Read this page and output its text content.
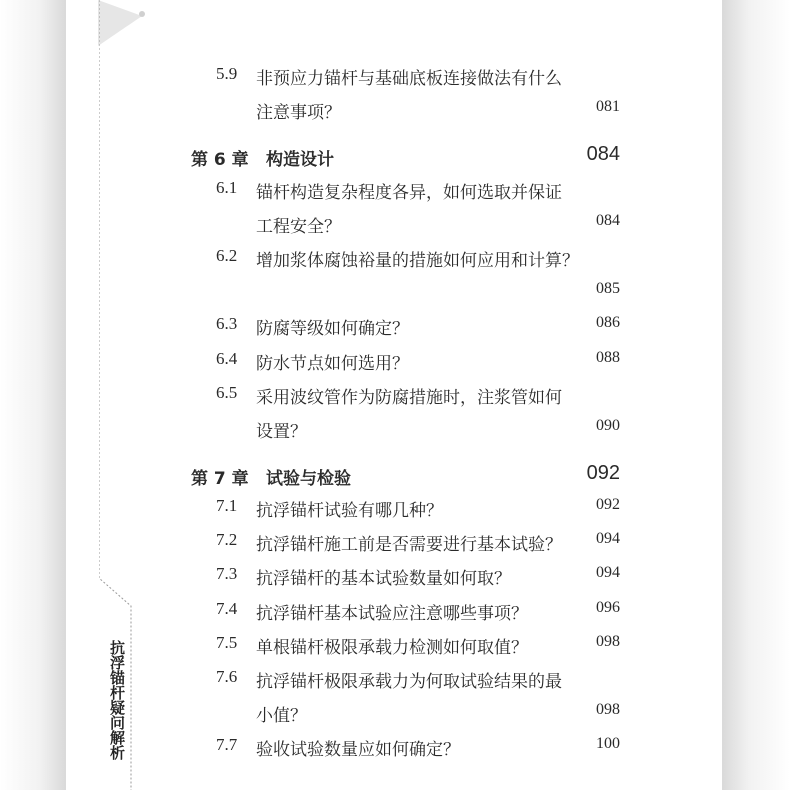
抗浮锚杆疑问解析
5.9	非预应力锚杆与基础底板连接做法有什么
注意事项？	081
第 6 章	构造设计	084
6.1	锚杆构造复杂程度各异，如何选取并保证
工程安全？	084
6.2	增加浆体腐蚀裕量的措施如何应用和计算？
085
6.3	防腐等级如何确定？	086
6.4	防水节点如何选用？	088
6.5	采用波纹管作为防腐措施时，注浆管如何
设置？	090
第 7 章	试验与检验	092
7.1	抗浮锚杆试验有哪几种？	092
7.2	抗浮锚杆施工前是否需要进行基本试验？ 094
7.3	抗浮锚杆的基本试验数量如何取？	094
7.4	抗浮锚杆基本试验应注意哪些事项？	096
7.5	单根锚杆极限承载力检测如何取值？	098
7.6	抗浮锚杆极限承载力为何取试验结果的最
小值？	098
7.7	验收试验数量应如何确定？	100
